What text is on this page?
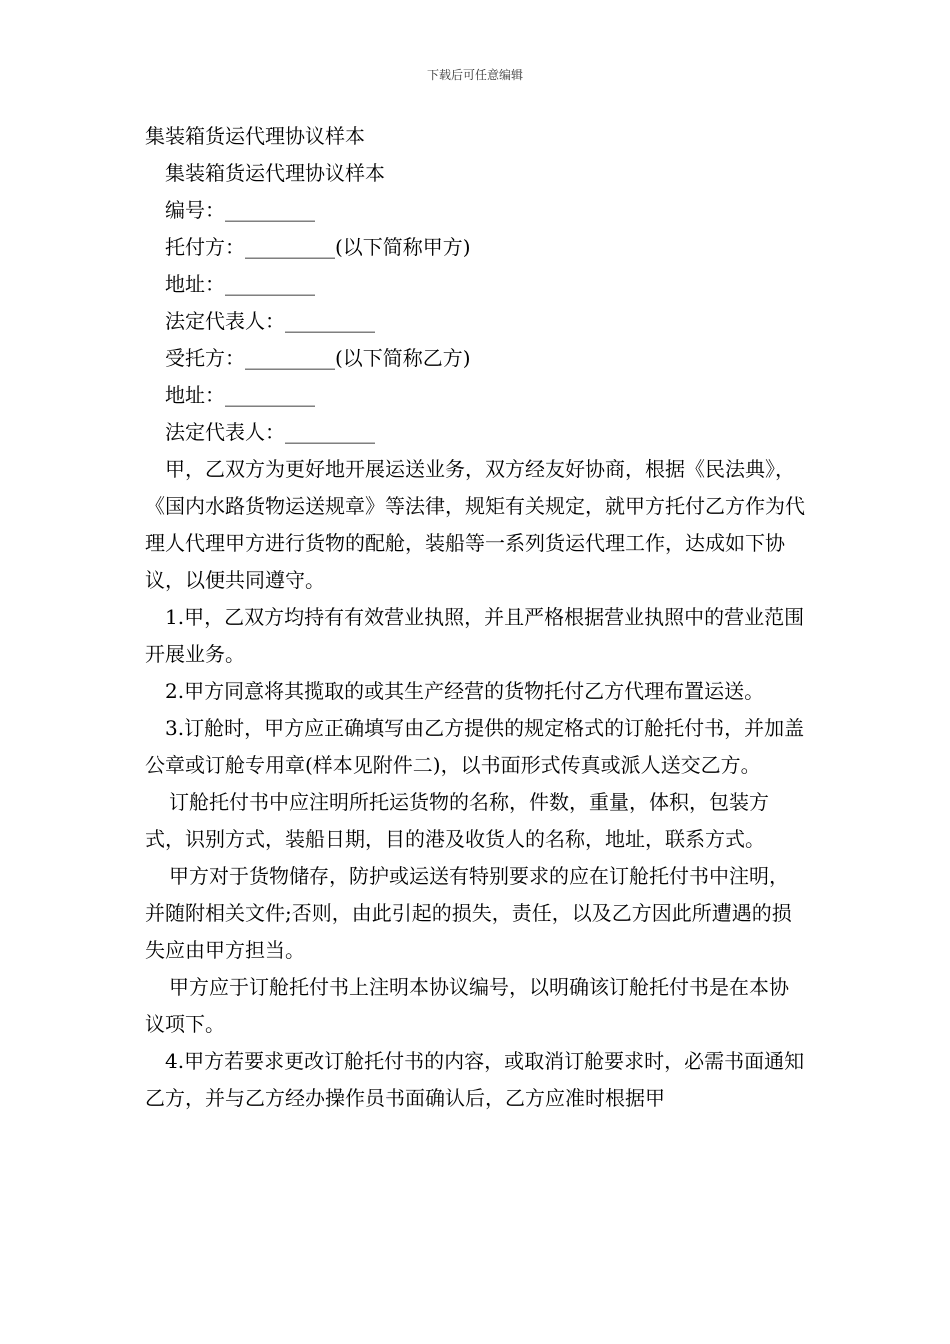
下载后可任意编辑
集装箱货运代理协议样本
集装箱货运代理协议样本
编号：_________
托付方：_________(以下简称甲方)
地址：_________
法定代表人：_________
受托方：_________(以下简称乙方)
地址：_________
法定代表人：_________

甲，乙双方为更好地开展运送业务，双方经友好协商，根据《民法典》，《国内水路货物运送规章》等法律，规矩有关规定，就甲方托付乙方作为代理人代理甲方进行货物的配舱，装船等一系列货运代理工作，达成如下协议，以便共同遵守。

1.甲，乙双方均持有有效营业执照，并且严格根据营业执照中的营业范围开展业务。

2.甲方同意将其揽取的或其生产经营的货物托付乙方代理布置运送。

3.订舱时，甲方应正确填写由乙方提供的规定格式的订舱托付书，并加盖公章或订舱专用章(样本见附件二)，以书面形式传真或派人送交乙方。

订舱托付书中应注明所托运货物的名称，件数，重量，体积，包装方式，识别方式，装船日期，目的港及收货人的名称，地址，联系方式。

甲方对于货物储存，防护或运送有特别要求的应在订舱托付书中注明，并随附相关文件;否则，由此引起的损失，责任，以及乙方因此所遭遇的损失应由甲方担当。

甲方应于订舱托付书上注明本协议编号，以明确该订舱托付书是在本协议项下。

4.甲方若要求更改订舱托付书的内容，或取消订舱要求时，必需书面通知乙方，并与乙方经办操作员书面确认后，乙方应准时根据甲
